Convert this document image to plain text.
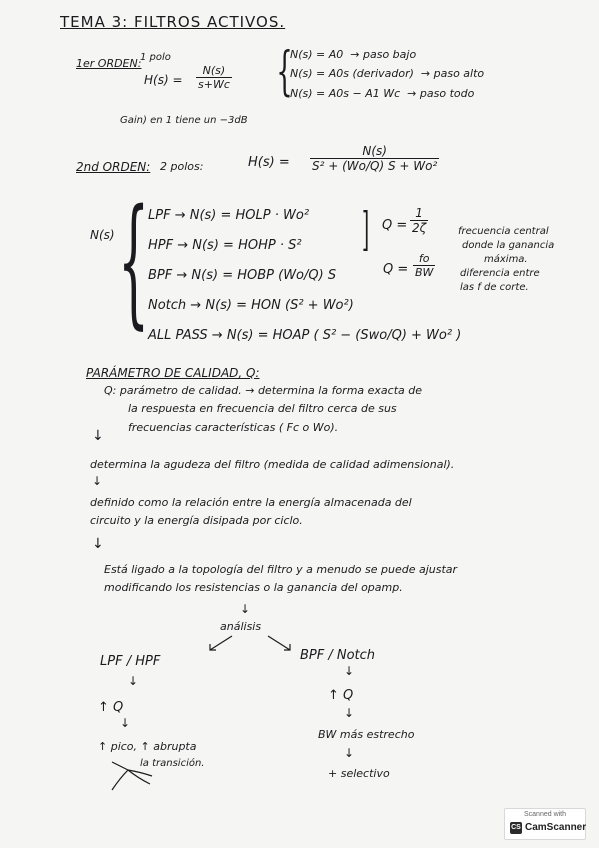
TEMA 3: FILTROS ACTIVOS.
1er ORDEN:
1 polo
$H(s) = \frac{N(s)}{s+Wc}$ {
N(s) = A0 → paso bajo
N(s) = A0s (derivador) → paso alto
N(s) = A0s − A1 Wc → paso todo
Gain) en 1 tiene un −3dB
2nd ORDEN: 2 polos:	$H(s) = \frac{N(s)}{\text{S² + (Wo/Q) S + Wo²}}$
N(s) {
LPF → N(s) = HOLP · Wo²
HPF → N(s) = HOHP · S²
BPF → N(s) = HOBP (Wo/Q) S
Notch → N(s) = HON (S² + Wo²)
ALL PASS → N(s) = HOAP ( S² − (Swo/Q) + Wo² )
] $Q = \frac{1}{2\zeta}$	frecuencia central
donde la ganancia
máxima.
$Q = \frac{fo}{BW}$ diferencia entre
las f de corte.
PARÁMETRO DE CALIDAD, Q:
Q: parámetro de calidad. → determina la forma exacta de
la respuesta en frecuencia del filtro cerca de sus
frecuencias características ( Fc o Wo).
↓
determina la agudeza del filtro (medida de calidad adimensional).
↓
definido como la relación entre la energía almacenada del
circuito y la energía disipada por ciclo.
↓
Está ligado a la topología del filtro y a menudo se puede ajustar
modificando los resistencias o la ganancia del opamp.
↓
análisis
LPF / HPF
↓
↑ Q
↓
↑ pico, ↑ abrupta
la transición.
BPF / Notch
↓
↑ Q
↓
BW más estrecho
↓
+ selectivo
Scanned with
CS CamScanner
